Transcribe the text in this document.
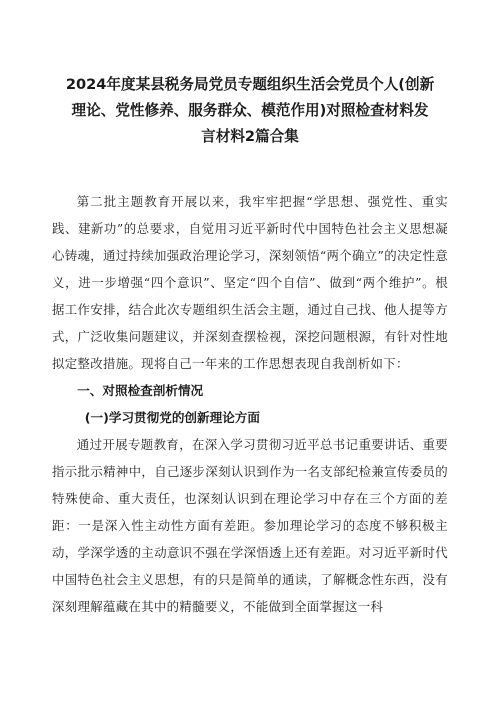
2024年度某县税务局党员专题组织生活会党员个人(创新
理论、党性修养、服务群众、模范作用)对照检查材料发
言材料2篇合集

第二批主题教育开展以来，我牢牢把握“学思想、强党性、重实践、建新功”的总要求，自觉用习近平新时代中国特色社会主义思想凝心铸魂，通过持续加强政治理论学习，深刻领悟“两个确立”的决定性意义，进一步增强“四个意识”、坚定“四个自信”、做到“两个维护”。根据工作安排，结合此次专题组织生活会主题，通过自己找、他人提等方式，广泛收集问题建议，并深刻查摆检视，深挖问题根源，有针对性地拟定整改措施。现将自己一年来的工作思想表现自我剖析如下：

一、对照检查剖析情况

(一)学习贯彻党的创新理论方面

通过开展专题教育，在深入学习贯彻习近平总书记重要讲话、重要指示批示精神中，自己逐步深刻认识到作为一名支部纪检兼宣传委员的特殊使命、重大责任，也深刻认识到在理论学习中存在三个方面的差距：一是深入性主动性方面有差距。参加理论学习的态度不够积极主动，学深学透的主动意识不强在学深悟透上还有差距。对习近平新时代中国特色社会主义思想，有的只是简单的通读，了解概念性东西，没有深刻理解蕴藏在其中的精髓要义，不能做到全面掌握这一科
